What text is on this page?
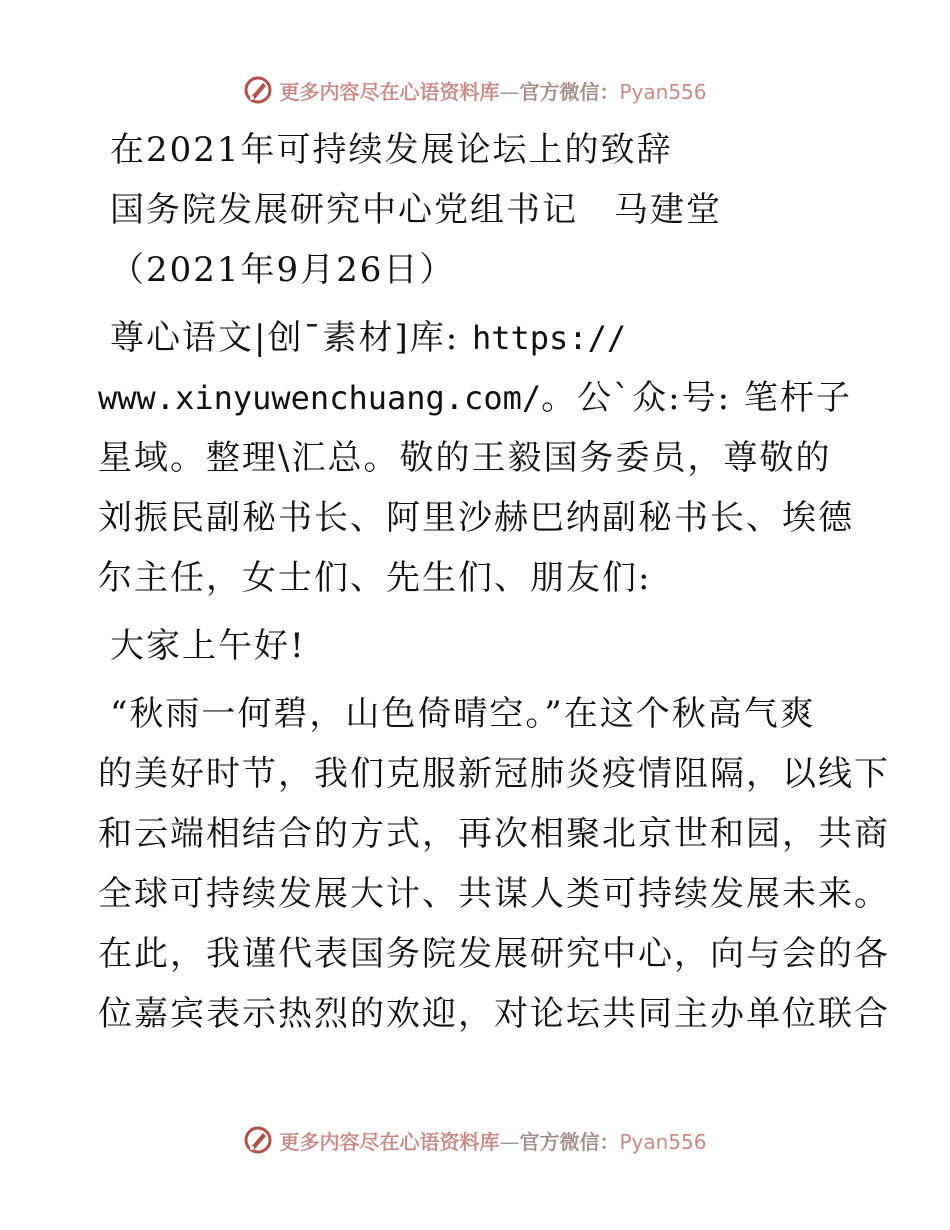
更多内容尽在心语资料库—官方微信：Pyan556
在2021年可持续发展论坛上的致辞
国务院发展研究中心党组书记　马建堂
（2021年9月26日）
尊心语文|创¯素材]库: https://
www.xinyuwenchuang.com/。公`众:号: 笔杆子星域。整理\汇总。敬的王毅国务委员，尊敬的刘振民副秘书长、阿里沙赫巴纳副秘书长、埃德尔主任，女士们、先生们、朋友们:
大家上午好!
“秋雨一何碧，山色倚晴空。”在这个秋高气爽
的美好时节，我们克服新冠肺炎疫情阻隔，以线下
和云端相结合的方式，再次相聚北京世和园，共商
全球可持续发展大计、共谋人类可持续发展未来。
在此，我谨代表国务院发展研究中心，向与会的各
位嘉宾表示热烈的欢迎，对论坛共同主办单位联合
更多内容尽在心语资料库—官方微信：Pyan556
